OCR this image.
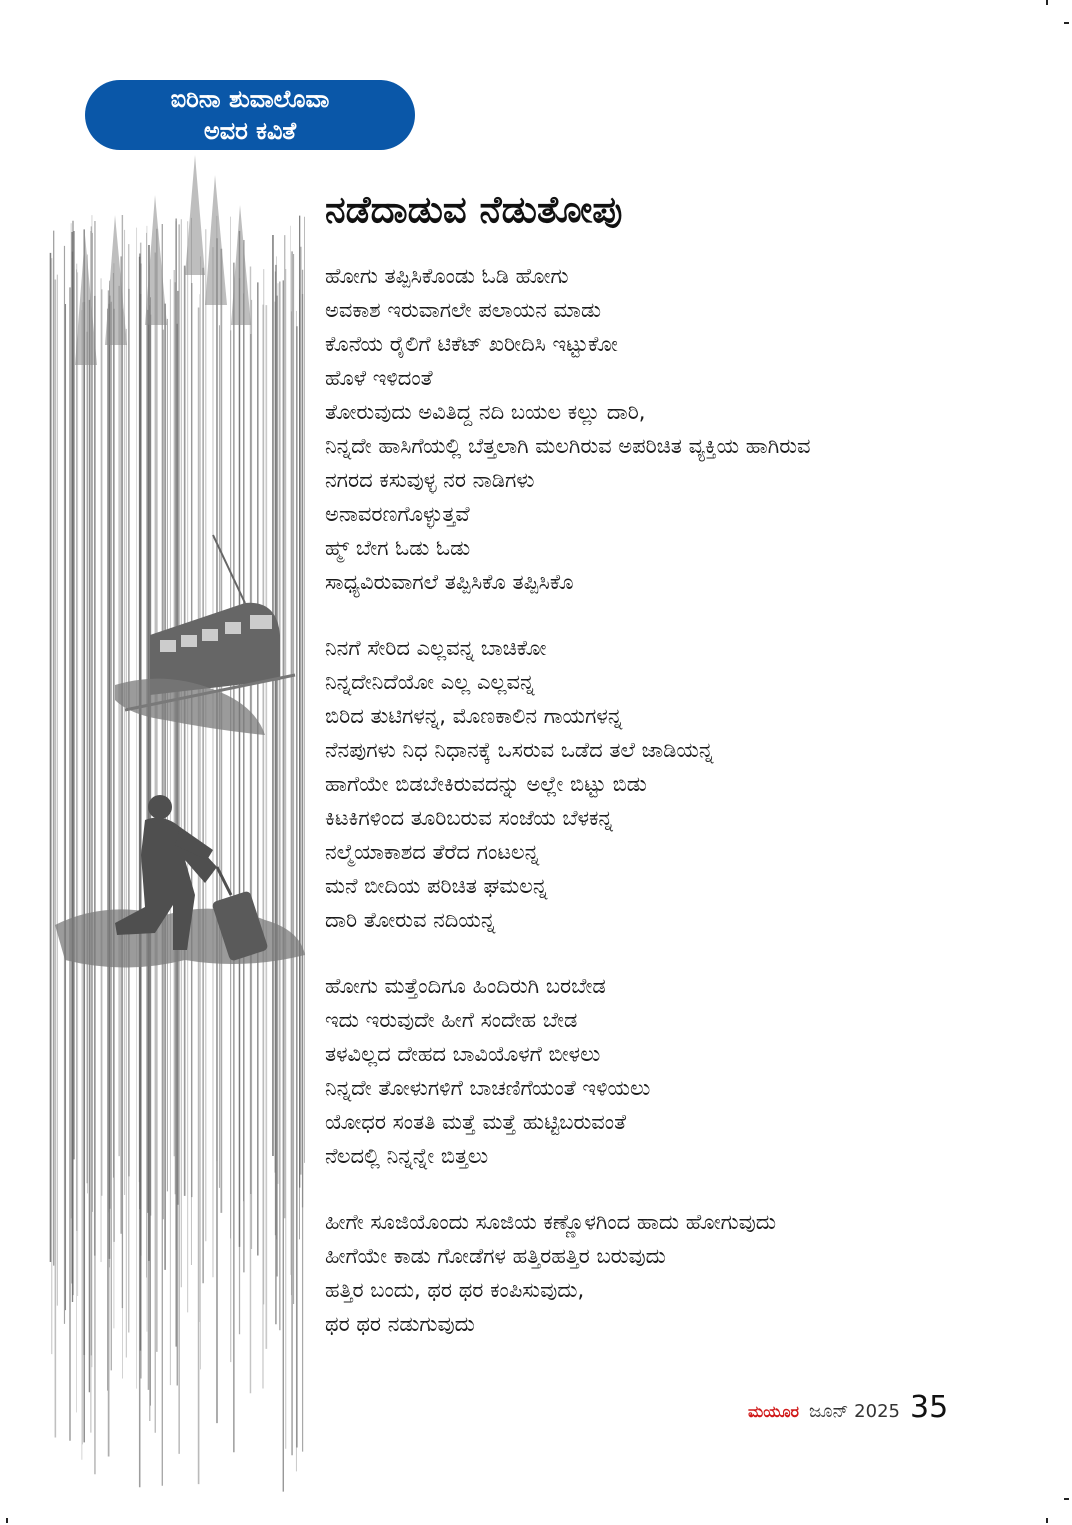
ಐರಿನಾ ಶುವಾಲೊವಾ
ಅವರ ಕವಿತೆ
ನಡೆದಾಡುವ ನೆಡುತೋಪು
ಹೋಗು ತಪ್ಪಿಸಿಕೊಂಡು ಓಡಿ ಹೋಗು
ಅವಕಾಶ ಇರುವಾಗಲೇ ಪಲಾಯನ ಮಾಡು
ಕೊನೆಯ ರೈಲಿಗೆ ಟಿಕೆಟ್ ಖರೀದಿಸಿ ಇಟ್ಟುಕೋ
ಹೊಳೆ ಇಳಿದಂತೆ
ತೋರುವುದು ಅವಿತಿದ್ದ ನದಿ ಬಯಲ ಕಲ್ಲು ದಾರಿ,
ನಿನ್ನದೇ ಹಾಸಿಗೆಯಲ್ಲಿ ಬೆತ್ತಲಾಗಿ ಮಲಗಿರುವ ಅಪರಿಚಿತ ವ್ಯಕ್ತಿಯ ಹಾಗಿರುವ
ನಗರದ ಕಸುವುಳ್ಳ ನರ ನಾಡಿಗಳು
ಅನಾವರಣಗೊಳ್ಳುತ್ತವೆ
ಹ್ಮ್ ಬೇಗ ಓಡು ಓಡು
ಸಾಧ್ಯವಿರುವಾಗಲೆ ತಪ್ಪಿಸಿಕೊ ತಪ್ಪಿಸಿಕೊ
ನಿನಗೆ ಸೇರಿದ ಎಲ್ಲವನ್ನ ಬಾಚಿಕೋ
ನಿನ್ನದೇನಿದೆಯೋ ಎಲ್ಲ ಎಲ್ಲವನ್ನ
ಬಿರಿದ ತುಟಿಗಳನ್ನ, ಮೊಣಕಾಲಿನ ಗಾಯಗಳನ್ನ
ನೆನಪುಗಳು ನಿಧ ನಿಧಾನಕ್ಕೆ ಒಸರುವ ಒಡೆದ ತಲೆ ಜಾಡಿಯನ್ನ
ಹಾಗೆಯೇ ಬಿಡಬೇಕಿರುವದನ್ನು ಅಲ್ಲೇ ಬಿಟ್ಟು ಬಿಡು
ಕಿಟಕಿಗಳಿಂದ ತೂರಿಬರುವ ಸಂಜೆಯ ಬೆಳಕನ್ನ
ನಲ್ಮೆಯಾಕಾಶದ ತೆರೆದ ಗಂಟಲನ್ನ
ಮನೆ ಬೀದಿಯ ಪರಿಚಿತ ಘಮಲನ್ನ
ದಾರಿ ತೋರುವ ನದಿಯನ್ನ
ಹೋಗು ಮತ್ತೆಂದಿಗೂ ಹಿಂದಿರುಗಿ ಬರಬೇಡ
ಇದು ಇರುವುದೇ ಹೀಗೆ ಸಂದೇಹ ಬೇಡ
ತಳವಿಲ್ಲದ ದೇಹದ ಬಾವಿಯೊಳಗೆ ಬೀಳಲು
ನಿನ್ನದೇ ತೋಳುಗಳಿಗೆ ಬಾಚಣಿಗೆಯಂತೆ ಇಳಿಯಲು
ಯೋಧರ ಸಂತತಿ ಮತ್ತೆ ಮತ್ತೆ ಹುಟ್ಟಿಬರುವಂತೆ
ನೆಲದಲ್ಲಿ ನಿನ್ನನ್ನೇ ಬಿತ್ತಲು
ಹೀಗೇ ಸೂಜಿಯೊಂದು ಸೂಜಿಯ ಕಣ್ಣೊಳಗಿಂದ ಹಾದು ಹೋಗುವುದು
ಹೀಗೆಯೇ ಕಾಡು ಗೋಡೆಗಳ ಹತ್ತಿರಹತ್ತಿರ ಬರುವುದು
ಹತ್ತಿರ ಬಂದು, ಥರ ಥರ ಕಂಪಿಸುವುದು,
ಥರ ಥರ ನಡುಗುವುದು
ಮಯೂರ ಜೂನ್ 2025 35
